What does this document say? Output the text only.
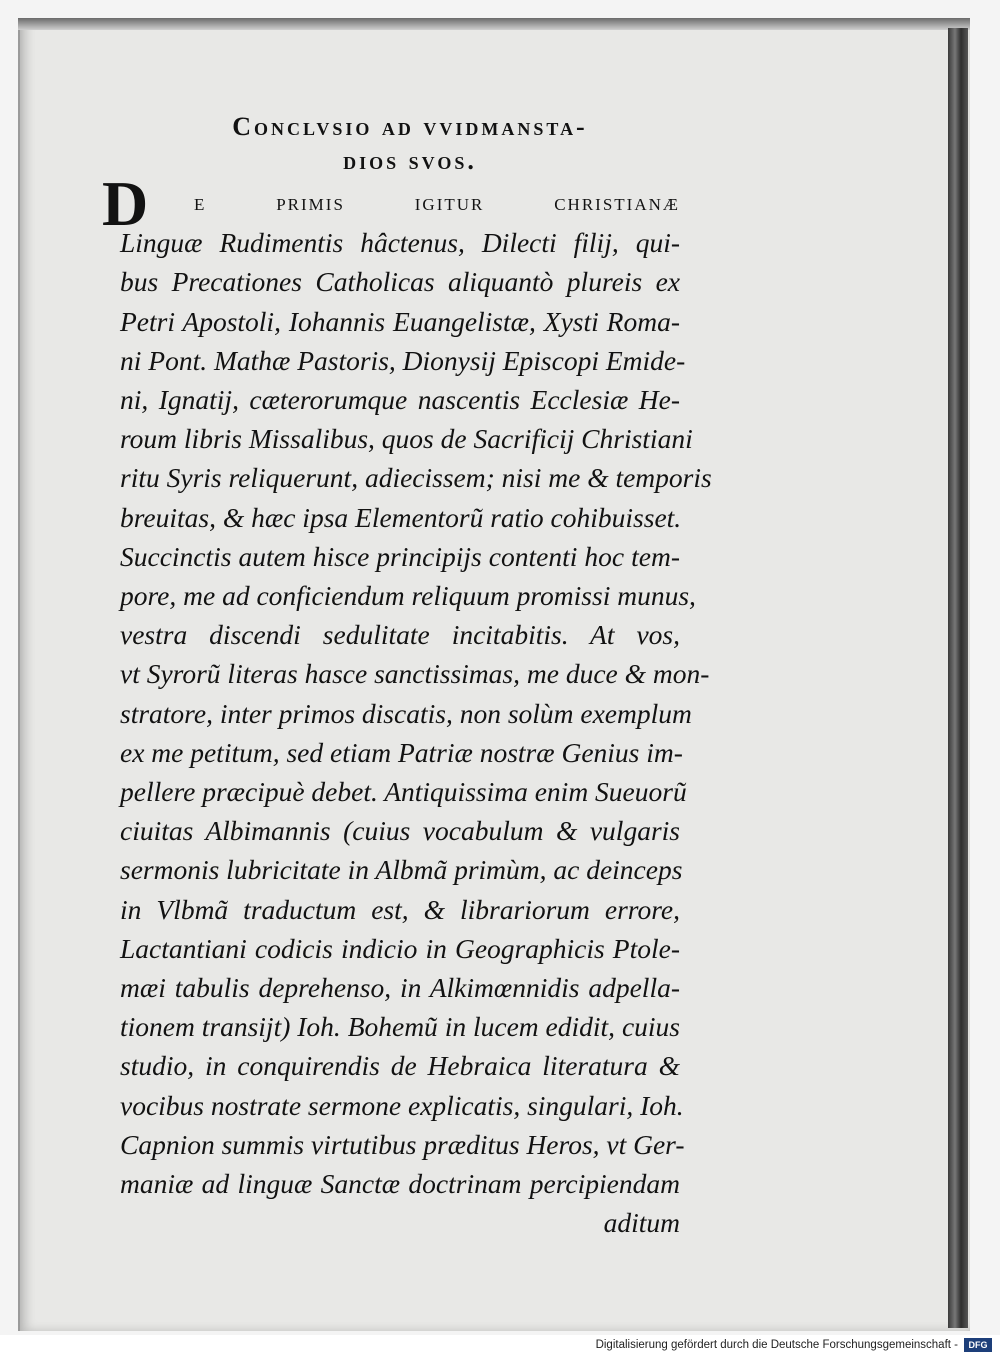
Conclvsio ad vvidmansta-
dios svos.
D e primis igitur christianæ
Linguæ Rudimentis hâctenus, Dilecti filij, qui-
bus Precationes Catholicas aliquantò plureis ex
Petri Apostoli, Iohannis Euangelistæ, Xysti Roma-
ni Pont. Mathæ Pastoris, Dionysij Episcopi Emide-
ni, Ignatij, cæterorumque nascentis Ecclesiæ He-
roum libris Missalibus, quos de Sacrificij Christiani
ritu Syris reliquerunt, adiecissem; nisi me & temporis
breuitas, & hæc ipsa Elementorũ ratio cohibuisset.
Succinctis autem hisce principijs contenti hoc tem-
pore, me ad conficiendum reliquum promissi munus,
vestra discendi sedulitate incitabitis. At vos,
vt Syrorũ literas hasce sanctissimas, me duce & mon-
stratore, inter primos discatis, non solùm exemplum
ex me petitum, sed etiam Patriæ nostræ Genius im-
pellere præcipuè debet. Antiquissima enim Sueuorũ
ciuitas Albimannis (cuius vocabulum & vulgaris
sermonis lubricitate in Albmã primùm, ac deinceps
in Vlbmã traductum est, & librariorum errore,
Lactantiani codicis indicio in Geographicis Ptole-
mæi tabulis deprehenso, in Alkimœnnidis adpella-
tionem transijt) Ioh. Bohemũ in lucem edidit, cuius
studio, in conquirendis de Hebraica literatura &
vocibus nostrate sermone explicatis, singulari, Ioh.
Capnion summis virtutibus præditus Heros, vt Ger-
maniæ ad linguæ Sanctæ doctrinam percipiendam
aditum
Digitalisierung gefördert durch die Deutsche Forschungsgemeinschaft -	DFG
